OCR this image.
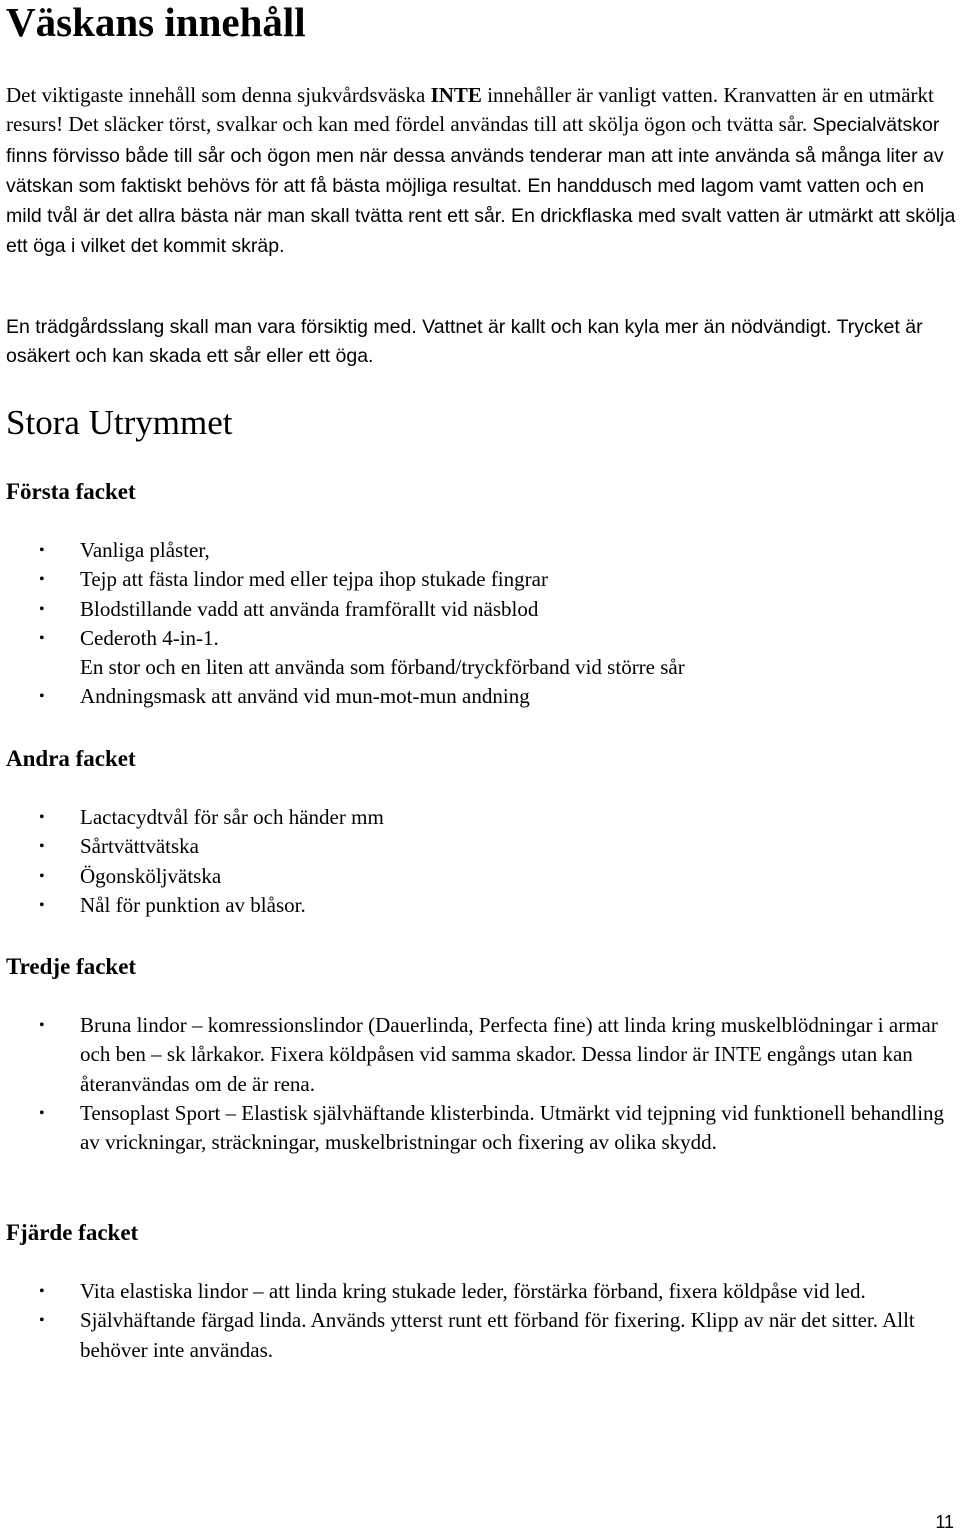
Väskans innehåll

Det viktigaste innehåll som denna sjukvårdsväska INTE innehåller är vanligt vatten. Kranvatten är en utmärkt resurs! Det släcker törst, svalkar och kan med fördel användas till att skölja ögon och tvätta sår. Specialvätskor finns förvisso både till sår och ögon men när dessa används tenderar man att inte använda så många liter av vätskan som faktiskt behövs för att få bästa möjliga resultat. En handdusch med lagom vamt vatten och en mild tvål är det allra bästa när man skall tvätta rent ett sår. En drickflaska med svalt vatten är utmärkt att skölja ett öga i vilket det kommit skräp.

En trädgårdsslang skall man vara försiktig med. Vattnet är kallt och kan kyla mer än nödvändigt. Trycket är osäkert och kan skada ett sår eller ett öga.

Stora Utrymmet
Första facket
• Vanliga plåster,
• Tejp att fästa lindor med eller tejpa ihop stukade fingrar
• Blodstillande vadd att använda framförallt vid näsblod
• Cederoth 4-in-1.
En stor och en liten att använda som förband/tryckförband vid större sår
• Andningsmask att använd vid mun-mot-mun andning
Andra facket
• Lactacydtvål för sår och händer mm
• Sårtvättvätska
• Ögonsköljvätska
• Nål för punktion av blåsor.
Tredje facket
• Bruna lindor – komressionslindor (Dauerlinda, Perfecta fine) att linda kring muskelblödningar i armar och ben – sk lårkakor. Fixera köldpåsen vid samma skador. Dessa lindor är INTE engångs utan kan återanvändas om de är rena.
• Tensoplast Sport – Elastisk självhäftande klisterbinda. Utmärkt vid tejpning vid funktionell behandling av vrickningar, sträckningar, muskelbristningar och fixering av olika skydd.
Fjärde facket
• Vita elastiska lindor – att linda kring stukade leder, förstärka förband, fixera köldpåse vid led.
• Självhäftande färgad linda. Används ytterst runt ett förband för fixering. Klipp av när det sitter. Allt behöver inte användas.
11
